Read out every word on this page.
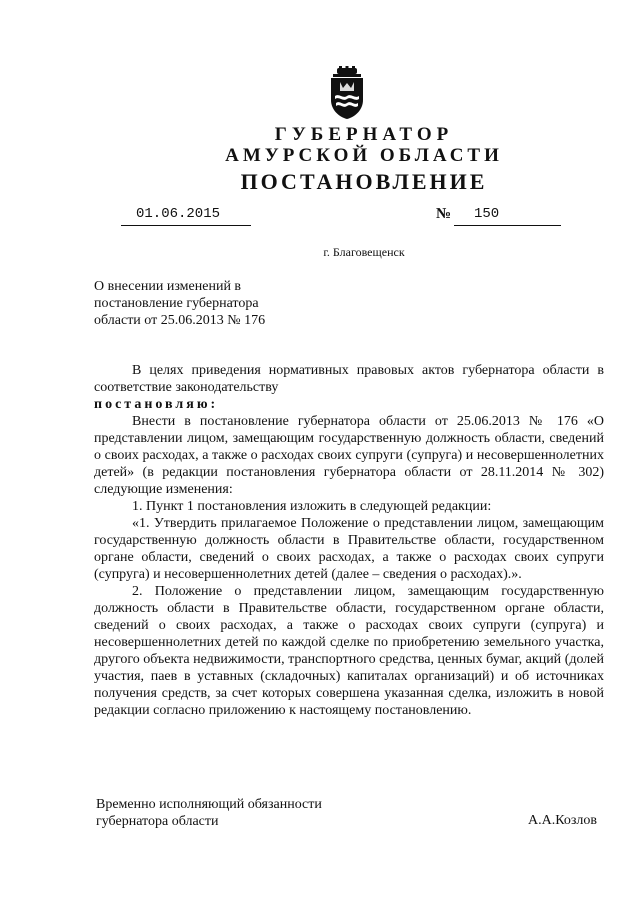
ГУБЕРНАТОР
АМУРСКОЙ ОБЛАСТИ
ПОСТАНОВЛЕНИЕ
01.06.2015	№ 150
г. Благовещенск

О внесении изменений в

постановление губернатора

области от 25.06.2013 № 176

В целях приведения нормативных правовых актов губернатора области в соответствие законодательству

постановляю:

Внести в постановление губернатора области от 25.06.2013 № 176 «О представлении лицом, замещающим государственную должность области, сведений о своих расходах, а также о расходах своих супруги (супруга) и несовершеннолетних детей» (в редакции постановления губернатора области от 28.11.2014 № 302) следующие изменения:

1. Пункт 1 постановления изложить в следующей редакции:

«1. Утвердить прилагаемое Положение о представлении лицом, замещающим государственную должность области в Правительстве области, государственном органе области, сведений о своих расходах, а также о расходах своих супруги (супруга) и несовершеннолетних детей (далее – сведения о расходах).».

2. Положение о представлении лицом, замещающим государственную должность области в Правительстве области, государственном органе области, сведений о своих расходах, а также о расходах своих супруги (супруга) и несовершеннолетних детей по каждой сделке по приобретению земельного участка, другого объекта недвижимости, транспортного средства, ценных бумаг, акций (долей участия, паев в уставных (складочных) капиталах организаций) и об источниках получения средств, за счет которых совершена указанная сделка, изложить в новой редакции согласно приложению к настоящему постановлению.

Временно исполняющий обязанности
губернатора области	А.А.Козлов
